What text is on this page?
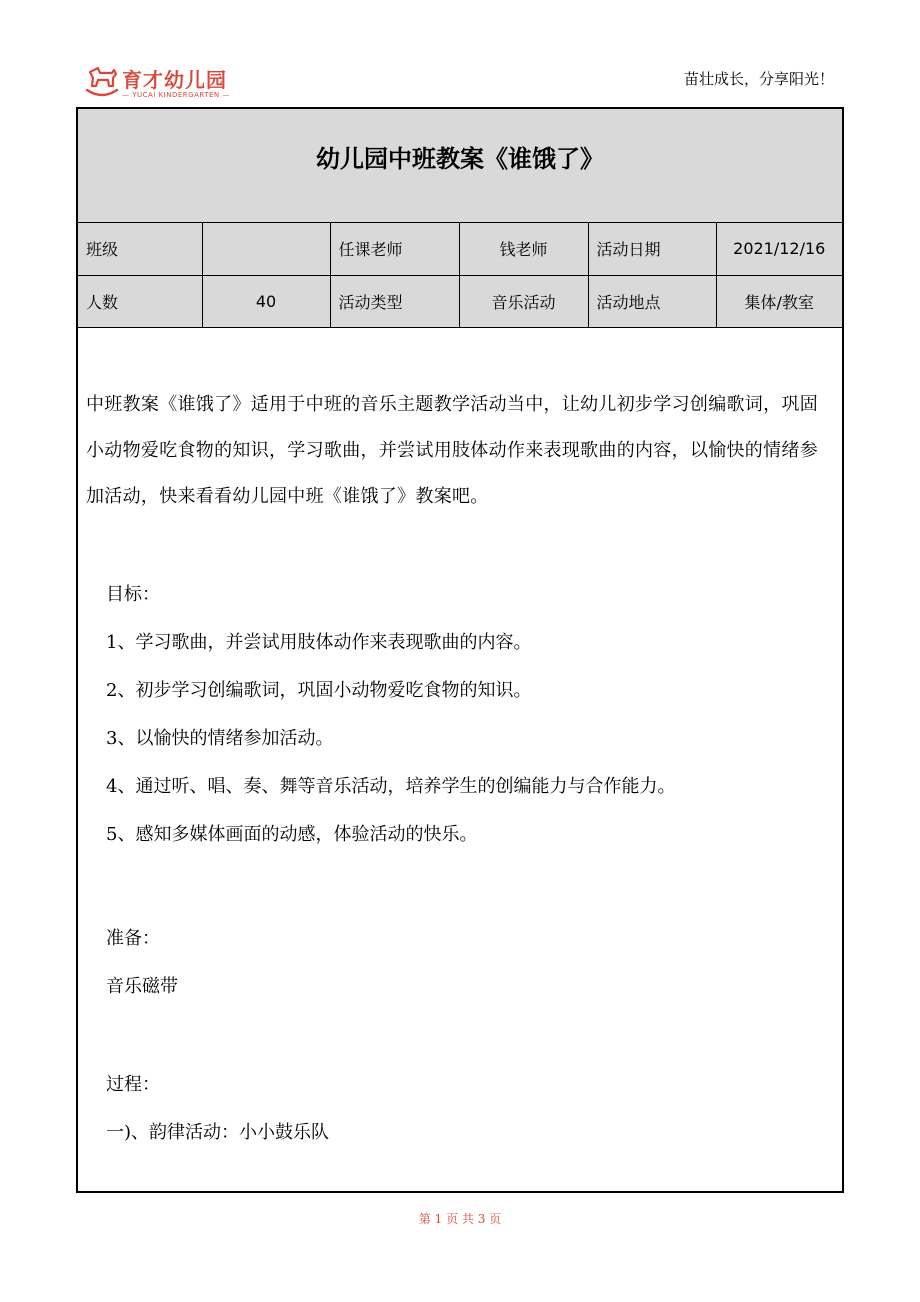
育才幼儿园
— YUCAI KINDERGARTEN —
苗壮成长，分享阳光！
幼儿园中班教案《谁饿了》
班级		任课老师	钱老师	活动日期	2021/12/16
人数	40	活动类型	音乐活动	活动地点	集体/教室
中班教案《谁饿了》适用于中班的音乐主题教学活动当中，让幼儿初步学习创编歌词，巩固小动物爱吃食物的知识，学习歌曲，并尝试用肢体动作来表现歌曲的内容，以愉快的情绪参加活动，快来看看幼儿园中班《谁饿了》教案吧。
目标：
1、学习歌曲，并尝试用肢体动作来表现歌曲的内容。
2、初步学习创编歌词，巩固小动物爱吃食物的知识。
3、以愉快的情绪参加活动。
4、通过听、唱、奏、舞等音乐活动，培养学生的创编能力与合作能力。
5、感知多媒体画面的动感，体验活动的快乐。
准备：
音乐磁带
过程：
一)、韵律活动：小小鼓乐队
第 1 页 共 3 页
